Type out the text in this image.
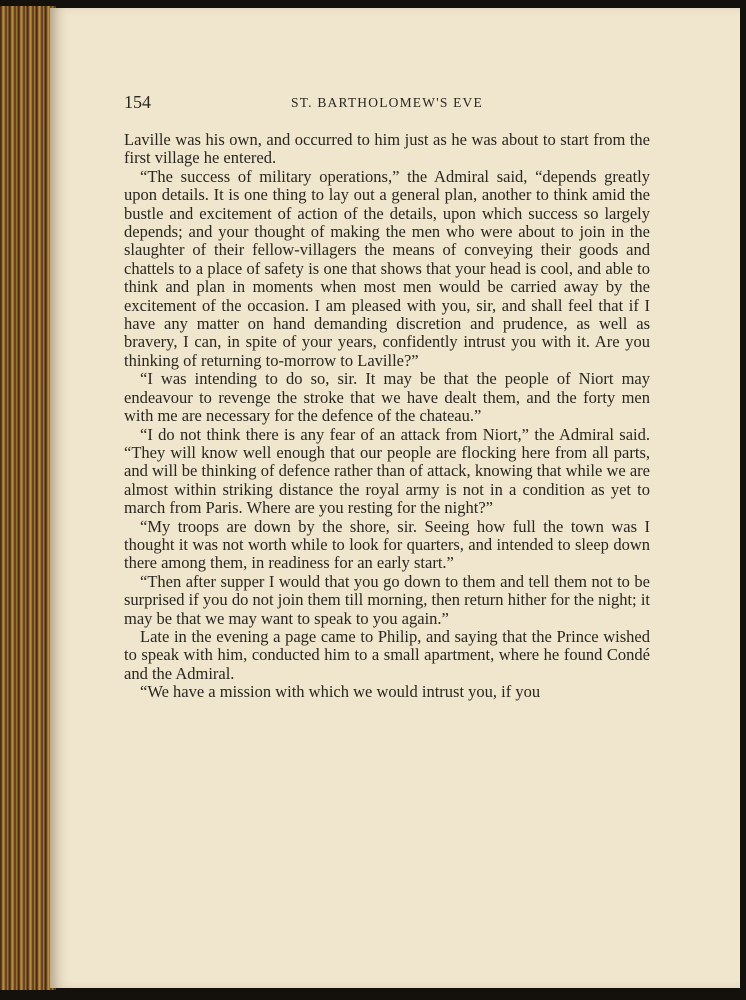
154	ST. BARTHOLOMEW'S EVE

Laville was his own, and occurred to him just as he was about to start from the first village he entered.

“The success of military operations,” the Admiral said, “depends greatly upon details. It is one thing to lay out a general plan, another to think amid the bustle and excitement of action of the details, upon which success so largely depends; and your thought of making the men who were about to join in the slaughter of their fellow-villagers the means of conveying their goods and chattels to a place of safety is one that shows that your head is cool, and able to think and plan in moments when most men would be carried away by the excitement of the occasion. I am pleased with you, sir, and shall feel that if I have any matter on hand demanding discretion and prudence, as well as bravery, I can, in spite of your years, confidently intrust you with it. Are you thinking of returning to-morrow to Laville?”

“I was intending to do so, sir. It may be that the people of Niort may endeavour to revenge the stroke that we have dealt them, and the forty men with me are necessary for the defence of the chateau.”

“I do not think there is any fear of an attack from Niort,” the Admiral said. “They will know well enough that our people are flocking here from all parts, and will be thinking of defence rather than of attack, knowing that while we are almost within striking distance the royal army is not in a condition as yet to march from Paris. Where are you resting for the night?”

“My troops are down by the shore, sir. Seeing how full the town was I thought it was not worth while to look for quarters, and intended to sleep down there among them, in readiness for an early start.”

“Then after supper I would that you go down to them and tell them not to be surprised if you do not join them till morning, then return hither for the night; it may be that we may want to speak to you again.”

Late in the evening a page came to Philip, and saying that the Prince wished to speak with him, conducted him to a small apartment, where he found Condé and the Admiral.

“We have a mission with which we would intrust you, if you
